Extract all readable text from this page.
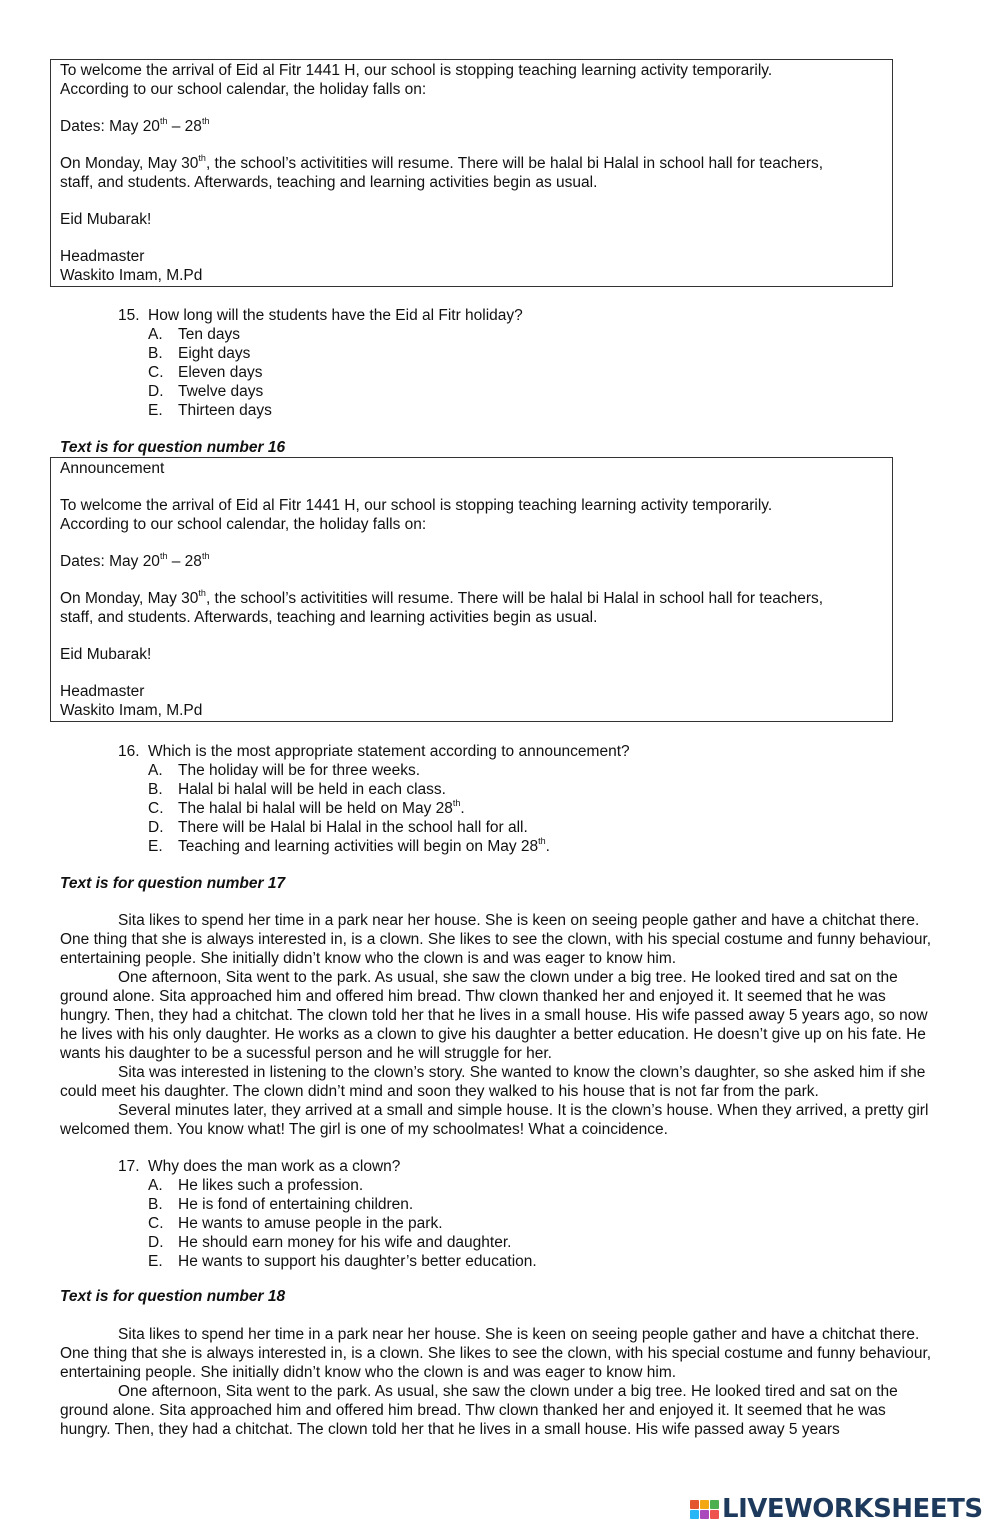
To welcome the arrival of Eid al Fitr 1441 H, our school is stopping teaching learning activity temporarily.
According to our school calendar, the holiday falls on:

Dates: May 20th – 28th

On Monday, May 30th, the school’s activitities will resume. There will be halal bi Halal in school hall for teachers,
staff, and students. Afterwards, teaching and learning activities begin as usual.

Eid Mubarak!

Headmaster
Waskito Imam, M.Pd

15. How long will the students have the Eid al Fitr holiday?
A. Ten days
B. Eight days
C. Eleven days
D. Twelve days
E. Thirteen days
Text is for question number 16

Announcement

To welcome the arrival of Eid al Fitr 1441 H, our school is stopping teaching learning activity temporarily.
According to our school calendar, the holiday falls on:

Dates: May 20th – 28th

On Monday, May 30th, the school’s activitities will resume. There will be halal bi Halal in school hall for teachers,
staff, and students. Afterwards, teaching and learning activities begin as usual.

Eid Mubarak!

Headmaster
Waskito Imam, M.Pd

16. Which is the most appropriate statement according to announcement?
A. The holiday will be for three weeks.
B. Halal bi halal will be held in each class.
C. The halal bi halal will be held on May 28th.
D. There will be Halal bi Halal in the school hall for all.
E. Teaching and learning activities will begin on May 28th.
Text is for question number 17

Sita likes to spend her time in a park near her house. She is keen on seeing people gather and have a chitchat there. One thing that she is always interested in, is a clown. She likes to see the clown, with his special costume and funny behaviour, entertaining people. She initially didn’t know who the clown is and was eager to know him.

One afternoon, Sita went to the park. As usual, she saw the clown under a big tree. He looked tired and sat on the ground alone. Sita approached him and offered him bread. Thw clown thanked her and enjoyed it. It seemed that he was hungry. Then, they had a chitchat. The clown told her that he lives in a small house. His wife passed away 5 years ago, so now he lives with his only daughter. He works as a clown to give his daughter a better education. He doesn’t give up on his fate. He wants his daughter to be a sucessful person and he will struggle for her.

Sita was interested in listening to the clown’s story. She wanted to know the clown’s daughter, so she asked him if she could meet his daughter. The clown didn’t mind and soon they walked to his house that is not far from the park.

Several minutes later, they arrived at a small and simple house. It is the clown’s house. When they arrived, a pretty girl welcomed them. You know what! The girl is one of my schoolmates! What a coincidence.

17. Why does the man work as a clown?
A. He likes such a profession.
B. He is fond of entertaining children.
C. He wants to amuse people in the park.
D. He should earn money for his wife and daughter.
E. He wants to support his daughter’s better education.
Text is for question number 18

Sita likes to spend her time in a park near her house. She is keen on seeing people gather and have a chitchat there. One thing that she is always interested in, is a clown. She likes to see the clown, with his special costume and funny behaviour, entertaining people. She initially didn’t know who the clown is and was eager to know him.

One afternoon, Sita went to the park. As usual, she saw the clown under a big tree. He looked tired and sat on the ground alone. Sita approached him and offered him bread. Thw clown thanked her and enjoyed it. It seemed that he was hungry. Then, they had a chitchat. The clown told her that he lives in a small house. His wife passed away 5 years

LIVEWORKSHEETS
